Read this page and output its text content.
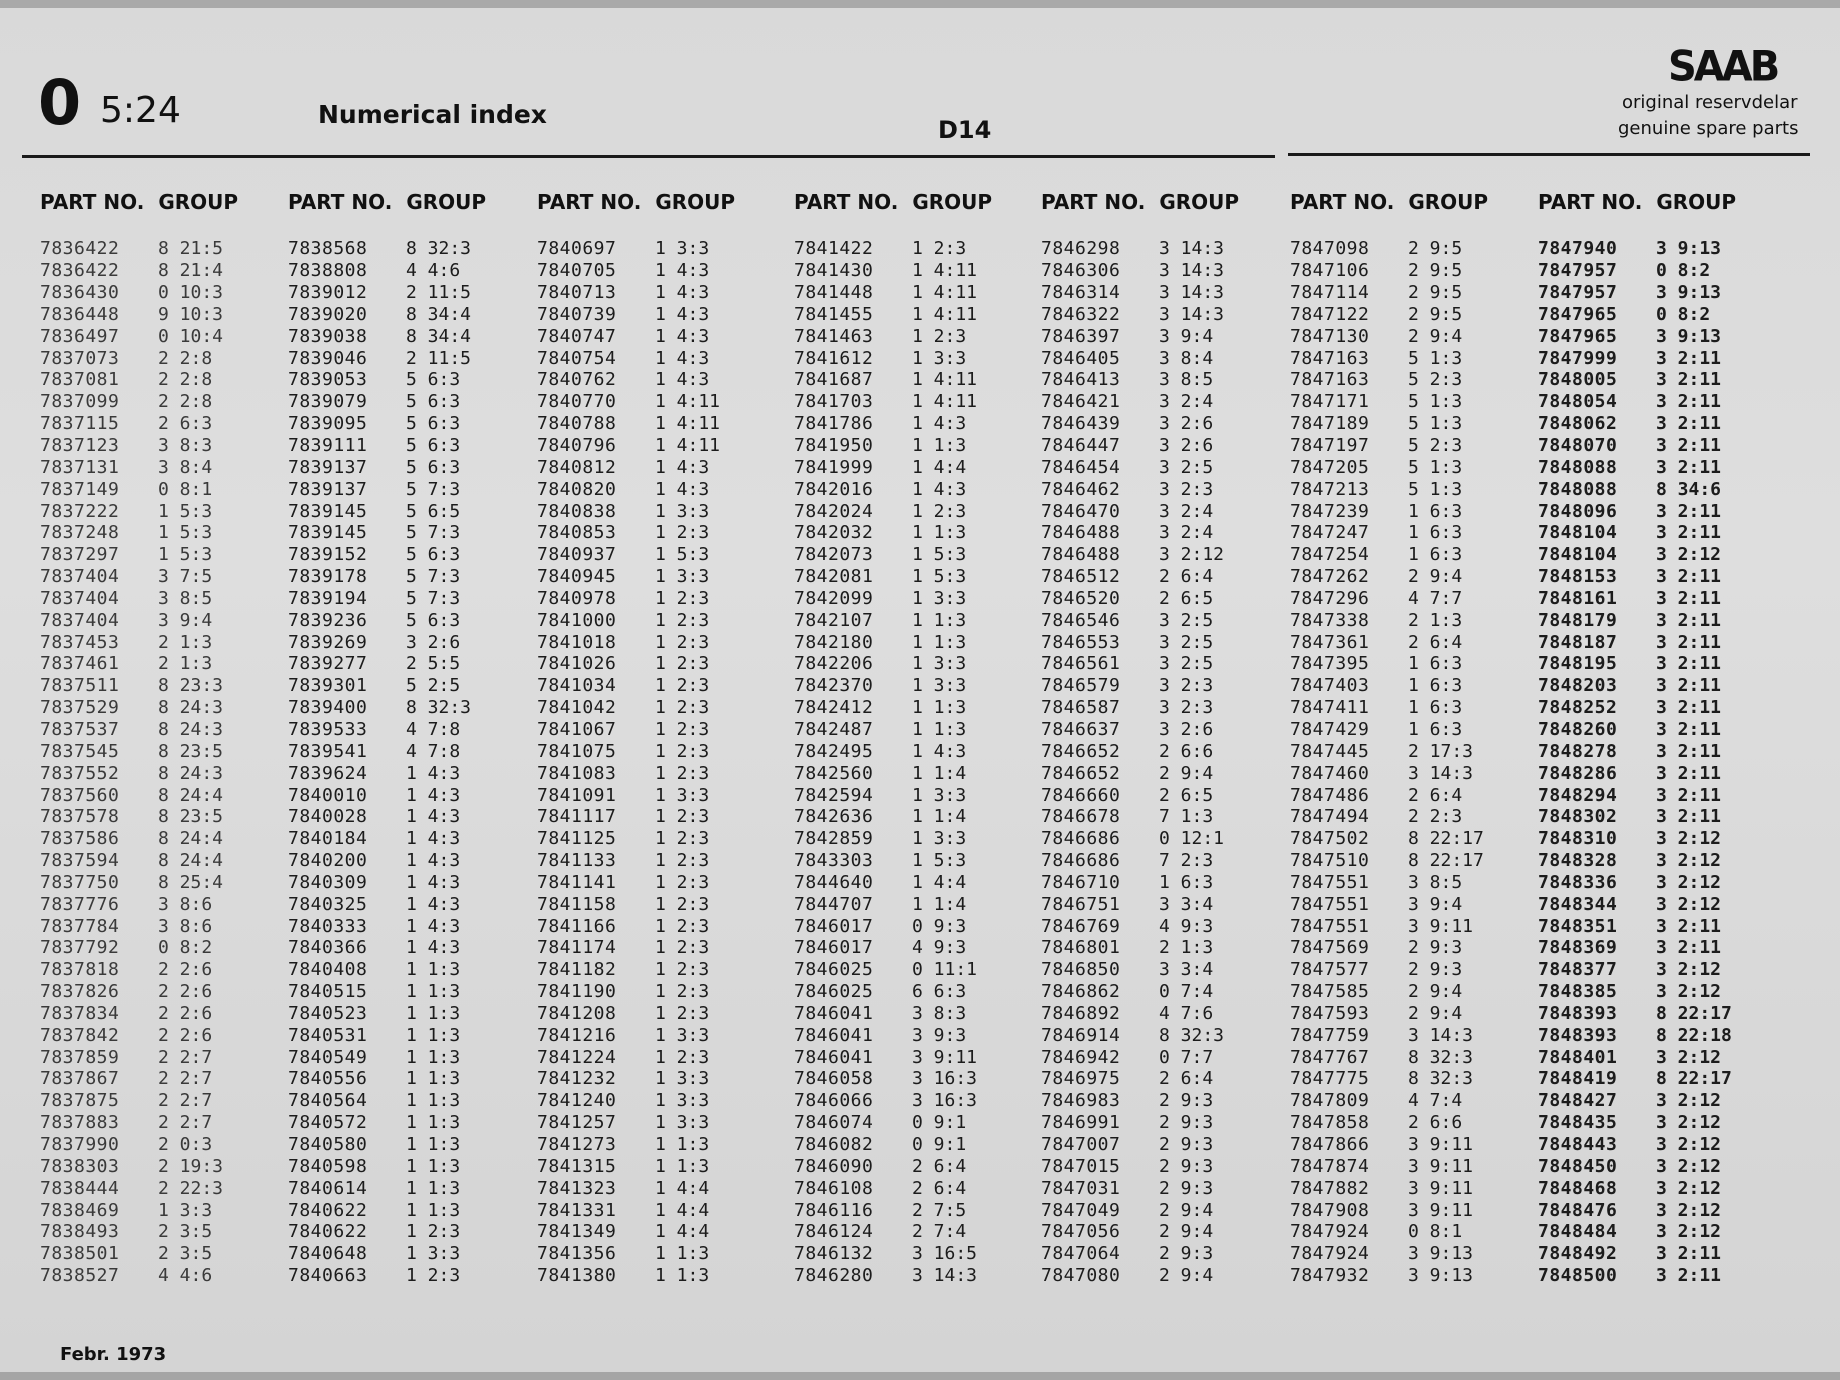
0 5:24	Numerical index
D14
SAAB
original reservdelar
genuine spare parts
PART NO. GROUP
7836422	8 21:5
7836422	8 21:4
7836430	0 10:3
7836448	9 10:3
7836497	0 10:4
7837073	2 2:8
7837081	2 2:8
7837099	2 2:8
7837115	2 6:3
7837123	3 8:3
7837131	3 8:4
7837149	0 8:1
7837222	1 5:3
7837248	1 5:3
7837297	1 5:3
7837404	3 7:5
7837404	3 8:5
7837404	3 9:4
7837453	2 1:3
7837461	2 1:3
7837511	8 23:3
7837529	8 24:3
7837537	8 24:3
7837545	8 23:5
7837552	8 24:3
7837560	8 24:4
7837578	8 23:5
7837586	8 24:4
7837594	8 24:4
7837750	8 25:4
7837776	3 8:6
7837784	3 8:6
7837792	0 8:2
7837818	2 2:6
7837826	2 2:6
7837834	2 2:6
7837842	2 2:6
7837859	2 2:7
7837867	2 2:7
7837875	2 2:7
7837883	2 2:7
7837990	2 0:3
7838303	2 19:3
7838444	2 22:3
7838469	1 3:3
7838493	2 3:5
7838501	2 3:5
7838527	4 4:6
PART NO. GROUP
7838568	8 32:3
7838808	4 4:6
7839012	2 11:5
7839020	8 34:4
7839038	8 34:4
7839046	2 11:5
7839053	5 6:3
7839079	5 6:3
7839095	5 6:3
7839111	5 6:3
7839137	5 6:3
7839137	5 7:3
7839145	5 6:5
7839145	5 7:3
7839152	5 6:3
7839178	5 7:3
7839194	5 7:3
7839236	5 6:3
7839269	3 2:6
7839277	2 5:5
7839301	5 2:5
7839400	8 32:3
7839533	4 7:8
7839541	4 7:8
7839624	1 4:3
7840010	1 4:3
7840028	1 4:3
7840184	1 4:3
7840200	1 4:3
7840309	1 4:3
7840325	1 4:3
7840333	1 4:3
7840366	1 4:3
7840408	1 1:3
7840515	1 1:3
7840523	1 1:3
7840531	1 1:3
7840549	1 1:3
7840556	1 1:3
7840564	1 1:3
7840572	1 1:3
7840580	1 1:3
7840598	1 1:3
7840614	1 1:3
7840622	1 1:3
7840622	1 2:3
7840648	1 3:3
7840663	1 2:3
PART NO. GROUP
7840697	1 3:3
7840705	1 4:3
7840713	1 4:3
7840739	1 4:3
7840747	1 4:3
7840754	1 4:3
7840762	1 4:3
7840770	1 4:11
7840788	1 4:11
7840796	1 4:11
7840812	1 4:3
7840820	1 4:3
7840838	1 3:3
7840853	1 2:3
7840937	1 5:3
7840945	1 3:3
7840978	1 2:3
7841000	1 2:3
7841018	1 2:3
7841026	1 2:3
7841034	1 2:3
7841042	1 2:3
7841067	1 2:3
7841075	1 2:3
7841083	1 2:3
7841091	1 3:3
7841117	1 2:3
7841125	1 2:3
7841133	1 2:3
7841141	1 2:3
7841158	1 2:3
7841166	1 2:3
7841174	1 2:3
7841182	1 2:3
7841190	1 2:3
7841208	1 2:3
7841216	1 3:3
7841224	1 2:3
7841232	1 3:3
7841240	1 3:3
7841257	1 3:3
7841273	1 1:3
7841315	1 1:3
7841323	1 4:4
7841331	1 4:4
7841349	1 4:4
7841356	1 1:3
7841380	1 1:3
PART NO. GROUP
7841422	1 2:3
7841430	1 4:11
7841448	1 4:11
7841455	1 4:11
7841463	1 2:3
7841612	1 3:3
7841687	1 4:11
7841703	1 4:11
7841786	1 4:3
7841950	1 1:3
7841999	1 4:4
7842016	1 4:3
7842024	1 2:3
7842032	1 1:3
7842073	1 5:3
7842081	1 5:3
7842099	1 3:3
7842107	1 1:3
7842180	1 1:3
7842206	1 3:3
7842370	1 3:3
7842412	1 1:3
7842487	1 1:3
7842495	1 4:3
7842560	1 1:4
7842594	1 3:3
7842636	1 1:4
7842859	1 3:3
7843303	1 5:3
7844640	1 4:4
7844707	1 1:4
7846017	0 9:3
7846017	4 9:3
7846025	0 11:1
7846025	6 6:3
7846041	3 8:3
7846041	3 9:3
7846041	3 9:11
7846058	3 16:3
7846066	3 16:3
7846074	0 9:1
7846082	0 9:1
7846090	2 6:4
7846108	2 6:4
7846116	2 7:5
7846124	2 7:4
7846132	3 16:5
7846280	3 14:3
PART NO. GROUP
7846298	3 14:3
7846306	3 14:3
7846314	3 14:3
7846322	3 14:3
7846397	3 9:4
7846405	3 8:4
7846413	3 8:5
7846421	3 2:4
7846439	3 2:6
7846447	3 2:6
7846454	3 2:5
7846462	3 2:3
7846470	3 2:4
7846488	3 2:4
7846488	3 2:12
7846512	2 6:4
7846520	2 6:5
7846546	3 2:5
7846553	3 2:5
7846561	3 2:5
7846579	3 2:3
7846587	3 2:3
7846637	3 2:6
7846652	2 6:6
7846652	2 9:4
7846660	2 6:5
7846678	7 1:3
7846686	0 12:1
7846686	7 2:3
7846710	1 6:3
7846751	3 3:4
7846769	4 9:3
7846801	2 1:3
7846850	3 3:4
7846862	0 7:4
7846892	4 7:6
7846914	8 32:3
7846942	0 7:7
7846975	2 6:4
7846983	2 9:3
7846991	2 9:3
7847007	2 9:3
7847015	2 9:3
7847031	2 9:3
7847049	2 9:4
7847056	2 9:4
7847064	2 9:3
7847080	2 9:4
PART NO. GROUP
7847098	2 9:5
7847106	2 9:5
7847114	2 9:5
7847122	2 9:5
7847130	2 9:4
7847163	5 1:3
7847163	5 2:3
7847171	5 1:3
7847189	5 1:3
7847197	5 2:3
7847205	5 1:3
7847213	5 1:3
7847239	1 6:3
7847247	1 6:3
7847254	1 6:3
7847262	2 9:4
7847296	4 7:7
7847338	2 1:3
7847361	2 6:4
7847395	1 6:3
7847403	1 6:3
7847411	1 6:3
7847429	1 6:3
7847445	2 17:3
7847460	3 14:3
7847486	2 6:4
7847494	2 2:3
7847502	8 22:17
7847510	8 22:17
7847551	3 8:5
7847551	3 9:4
7847551	3 9:11
7847569	2 9:3
7847577	2 9:3
7847585	2 9:4
7847593	2 9:4
7847759	3 14:3
7847767	8 32:3
7847775	8 32:3
7847809	4 7:4
7847858	2 6:6
7847866	3 9:11
7847874	3 9:11
7847882	3 9:11
7847908	3 9:11
7847924	0 8:1
7847924	3 9:13
7847932	3 9:13
PART NO. GROUP
7847940	3 9:13
7847957	0 8:2
7847957	3 9:13
7847965	0 8:2
7847965	3 9:13
7847999	3 2:11
7848005	3 2:11
7848054	3 2:11
7848062	3 2:11
7848070	3 2:11
7848088	3 2:11
7848088	8 34:6
7848096	3 2:11
7848104	3 2:11
7848104	3 2:12
7848153	3 2:11
7848161	3 2:11
7848179	3 2:11
7848187	3 2:11
7848195	3 2:11
7848203	3 2:11
7848252	3 2:11
7848260	3 2:11
7848278	3 2:11
7848286	3 2:11
7848294	3 2:11
7848302	3 2:11
7848310	3 2:12
7848328	3 2:12
7848336	3 2:12
7848344	3 2:12
7848351	3 2:11
7848369	3 2:11
7848377	3 2:12
7848385	3 2:12
7848393	8 22:17
7848393	8 22:18
7848401	3 2:12
7848419	8 22:17
7848427	3 2:12
7848435	3 2:12
7848443	3 2:12
7848450	3 2:12
7848468	3 2:12
7848476	3 2:12
7848484	3 2:12
7848492	3 2:11
7848500	3 2:11
Febr. 1973
